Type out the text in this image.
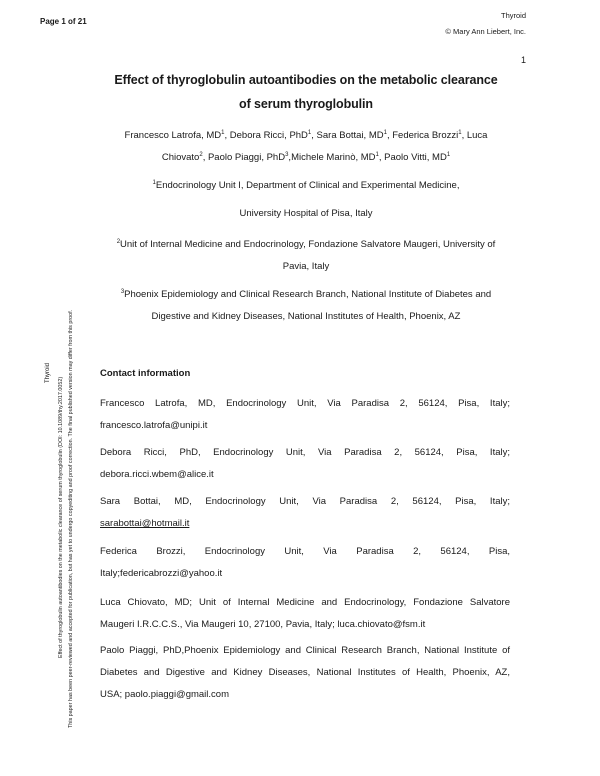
Page 1 of 21
Thyroid
© Mary Ann Liebert, Inc.
1
Thyroid
Effect of thyroglobulin autoantibodies on the metabolic clearance of serum thyroglobulin (DOI: 10.1089/thy.2017.0052) This paper has been peer-reviewed and accepted for publication, but has yet to undergo copyediting and proof correction. The final published version may differ from this proof.
Effect of thyroglobulin autoantibodies on the metabolic clearance
of serum thyroglobulin
Francesco Latrofa, $MD^1$, Debora Ricci, PhD$^1$, Sara Bottai, $MD^1$, Federica Brozzi$^1$, Luca
Chiovato$^2$, Paolo Piaggi, PhD$^3$,Michele Marinò, $MD^1$, Paolo Vitti, $MD^1$
$^1$Endocrinology Unit I, Department of Clinical and Experimental Medicine,
University Hospital of Pisa, Italy
$^2$Unit of Internal Medicine and Endocrinology, Fondazione Salvatore Maugeri, University of
Pavia, Italy
$^3$Phoenix Epidemiology and Clinical Research Branch, National Institute of Diabetes and
Digestive and Kidney Diseases, National Institutes of Health, Phoenix, AZ
Contact information
Francesco Latrofa, MD, Endocrinology Unit, Via Paradisa 2, 56124, Pisa, Italy;
francesco.latrofa@unipi.it
Debora Ricci, PhD, Endocrinology Unit, Via Paradisa 2, 56124, Pisa, Italy;
debora.ricci.wbem@alice.it
Sara Bottai, MD, Endocrinology Unit, Via Paradisa 2, 56124, Pisa, Italy;
sarabottai@hotmail.it
Federica Brozzi, Endocrinology Unit, Via Paradisa 2, 56124, Pisa,
Italy;federicabrozzi@yahoo.it
Luca Chiovato, MD; Unit of Internal Medicine and Endocrinology, Fondazione Salvatore
Maugeri I.R.C.C.S., Via Maugeri 10, 27100, Pavia, Italy; luca.chiovato@fsm.it
Paolo Piaggi, PhD,Phoenix Epidemiology and Clinical Research Branch, National Institute of
Diabetes and Digestive and Kidney Diseases, National Institutes of Health, Phoenix, AZ,
USA; paolo.piaggi@gmail.com
